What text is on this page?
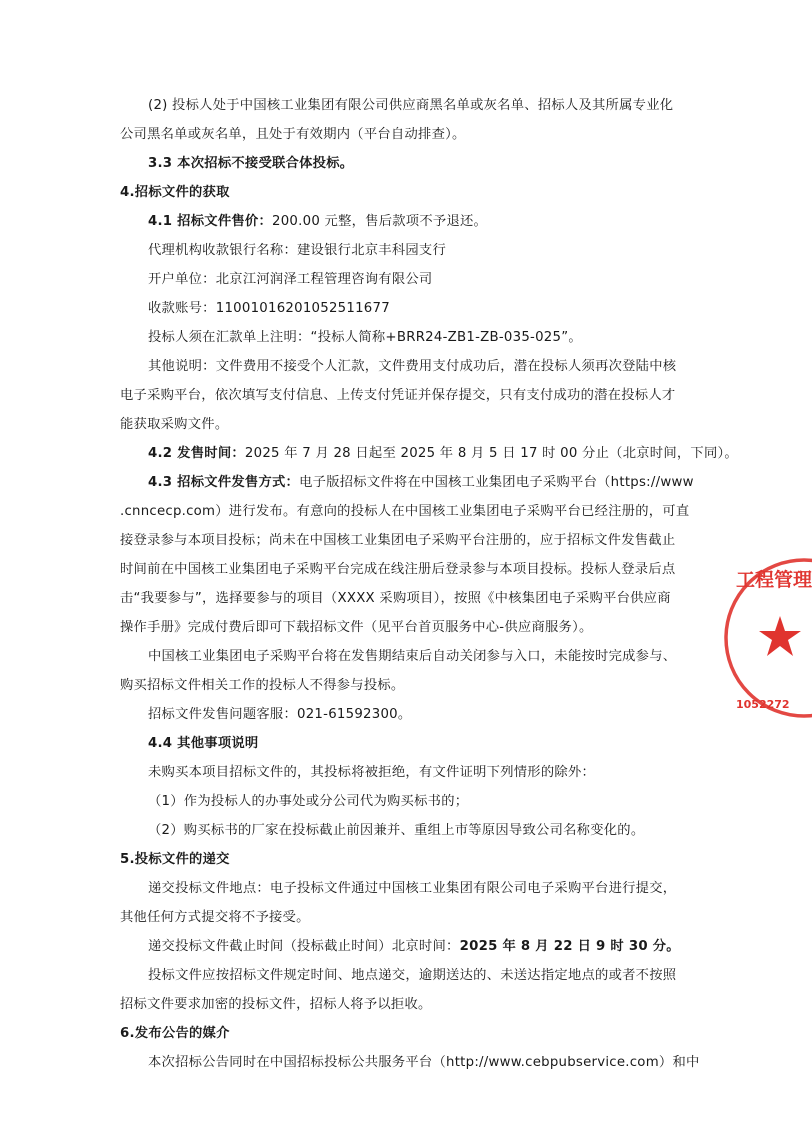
(2) 投标人处于中国核工业集团有限公司供应商黑名单或灰名单、招标人及其所属专业化
公司黑名单或灰名单，且处于有效期内（平台自动排查）。
3.3 本次招标不接受联合体投标。
4.招标文件的获取
4.1 招标文件售价：200.00 元整，售后款项不予退还。
代理机构收款银行名称：建设银行北京丰科园支行
开户单位：北京江河润泽工程管理咨询有限公司
收款账号：11001016201052511677
投标人须在汇款单上注明：“投标人简称+BRR24-ZB1-ZB-035-025”。
其他说明：文件费用不接受个人汇款，文件费用支付成功后，潜在投标人须再次登陆中核
电子采购平台，依次填写支付信息、上传支付凭证并保存提交，只有支付成功的潜在投标人才
能获取采购文件。
4.2 发售时间：2025 年 7 月 28 日起至 2025 年 8 月 5 日 17 时 00 分止（北京时间，下同）。
4.3 招标文件发售方式：电子版招标文件将在中国核工业集团电子采购平台（https://www
.cnncecp.com）进行发布。有意向的投标人在中国核工业集团电子采购平台已经注册的，可直
接登录参与本项目投标；尚未在中国核工业集团电子采购平台注册的，应于招标文件发售截止
时间前在中国核工业集团电子采购平台完成在线注册后登录参与本项目投标。投标人登录后点
击“我要参与”，选择要参与的项目（XXXX 采购项目），按照《中核集团电子采购平台供应商
操作手册》完成付费后即可下载招标文件（见平台首页服务中心-供应商服务）。
中国核工业集团电子采购平台将在发售期结束后自动关闭参与入口，未能按时完成参与、
购买招标文件相关工作的投标人不得参与投标。
招标文件发售问题客服：021-61592300。
4.4 其他事项说明
未购买本项目招标文件的，其投标将被拒绝，有文件证明下列情形的除外：
（1）作为投标人的办事处或分公司代为购买标书的；
（2）购买标书的厂家在投标截止前因兼并、重组上市等原因导致公司名称变化的。
5.投标文件的递交
递交投标文件地点：电子投标文件通过中国核工业集团有限公司电子采购平台进行提交，
其他任何方式提交将不予接受。
递交投标文件截止时间（投标截止时间）北京时间：2025 年 8 月 22 日 9 时 30 分。
投标文件应按招标文件规定时间、地点递交，逾期送达的、未送达指定地点的或者不按照
招标文件要求加密的投标文件，招标人将予以拒收。
6.发布公告的媒介
本次招标公告同时在中国招标投标公共服务平台（http://www.cebpubservice.com）和中
工程管理
1052272
